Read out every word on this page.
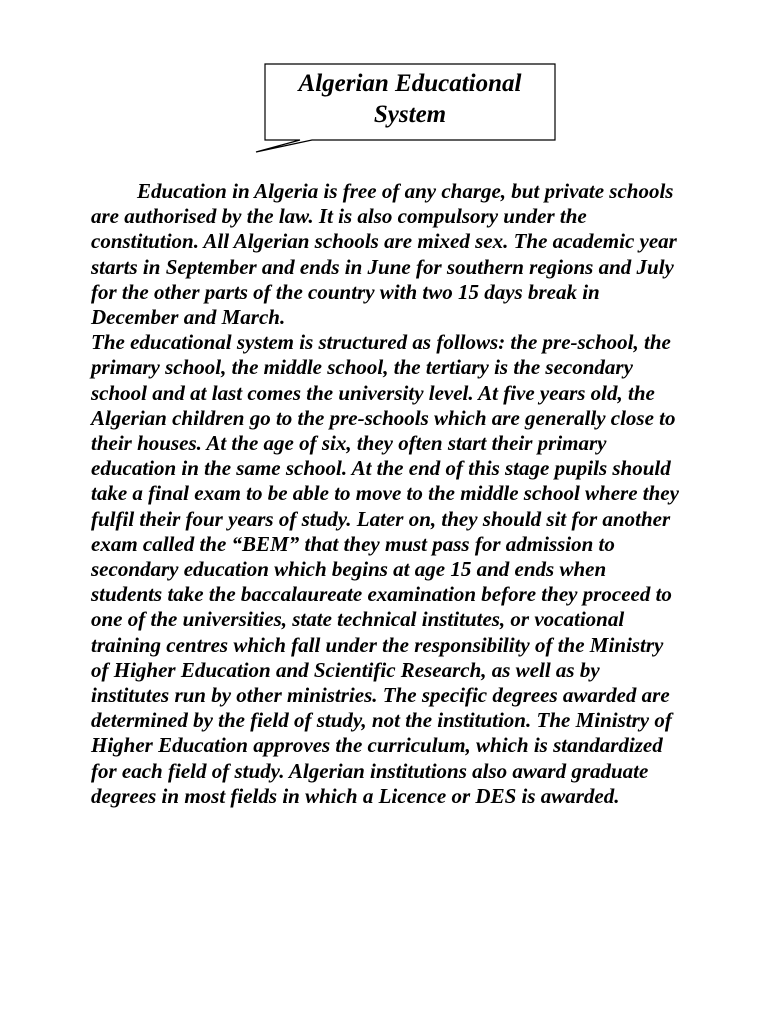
Algerian Educational System

Education in Algeria is free of any charge, but private schools are authorised by the law. It is also compulsory under the constitution. All Algerian schools are mixed sex. The academic year starts in September and ends in June for southern regions and July for the other parts of the country with two 15 days break in December and March.

The educational system is structured as follows: the pre-school, the primary school, the middle school, the tertiary is the secondary school and at last comes the university level. At five years old, the Algerian children go to the pre-schools which are generally close to their houses. At the age of six, they often start their primary education in the same school. At the end of this stage pupils should take a final exam to be able to move to the middle school where they fulfil their four years of study. Later on, they should sit for another exam called the “BEM” that they must pass for admission to secondary education which begins at age 15 and ends when students take the baccalaureate examination before they proceed to one of the universities, state technical institutes, or vocational training centres which fall under the responsibility of the Ministry of Higher Education and Scientific Research, as well as by institutes run by other ministries. The specific degrees awarded are determined by the field of study, not the institution. The Ministry of Higher Education approves the curriculum, which is standardized for each field of study. Algerian institutions also award graduate degrees in most fields in which a Licence or DES is awarded.
